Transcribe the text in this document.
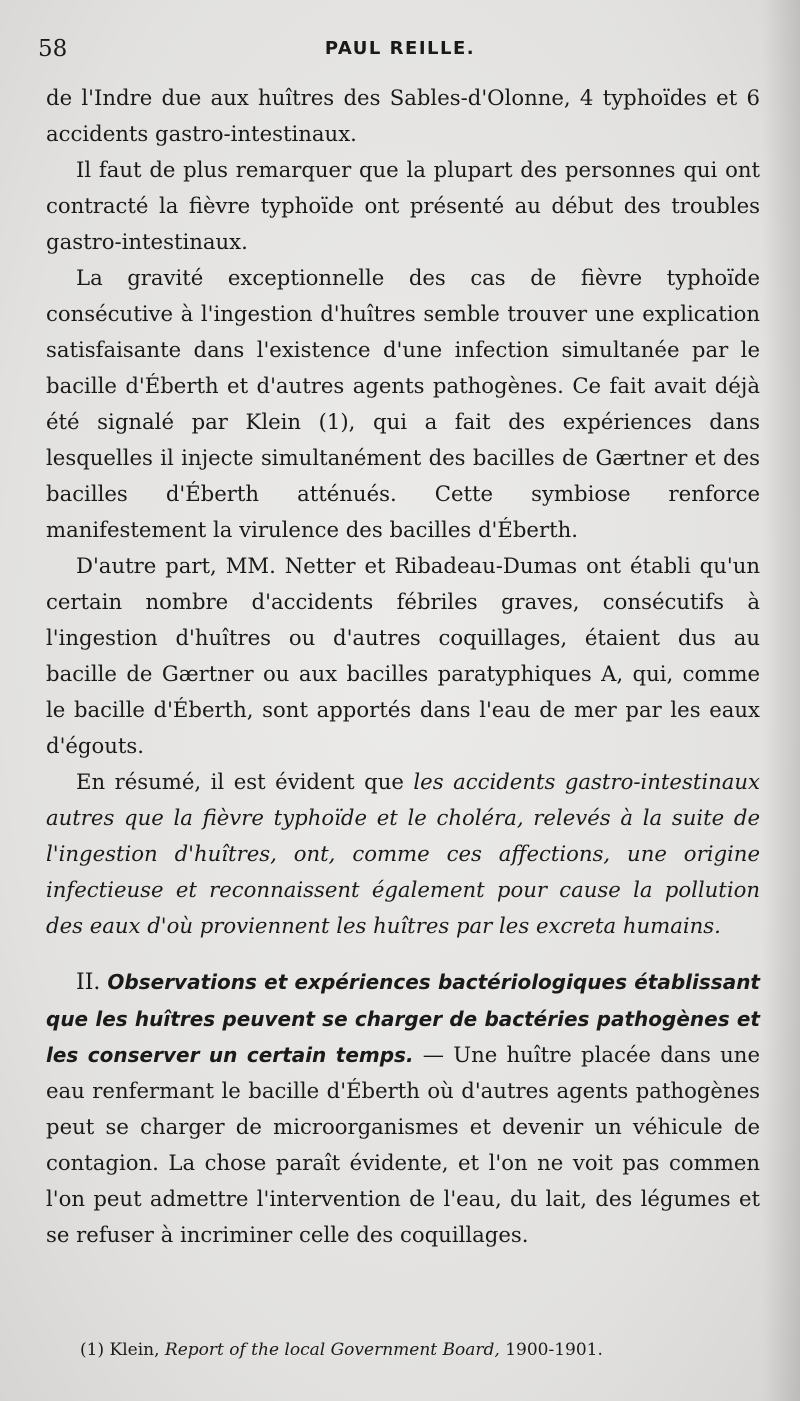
58	PAUL REILLE.

de l'Indre due aux huîtres des Sables-d'Olonne, 4 typhoïdes et 6 accidents gastro-intestinaux.

Il faut de plus remarquer que la plupart des personnes qui ont contracté la fièvre typhoïde ont présenté au début des troubles gastro-intestinaux.

La gravité exceptionnelle des cas de fièvre typhoïde consécutive à l'ingestion d'huîtres semble trouver une explication satisfaisante dans l'existence d'une infection simultanée par le bacille d'Éberth et d'autres agents pathogènes. Ce fait avait déjà été signalé par Klein (1), qui a fait des expériences dans lesquelles il injecte simultanément des bacilles de Gærtner et des bacilles d'Éberth atténués. Cette symbiose renforce manifestement la virulence des bacilles d'Éberth.

D'autre part, MM. Netter et Ribadeau-Dumas ont établi qu'un certain nombre d'accidents fébriles graves, consécutifs à l'ingestion d'huîtres ou d'autres coquillages, étaient dus au bacille de Gærtner ou aux bacilles paratyphiques A, qui, comme le bacille d'Éberth, sont apportés dans l'eau de mer par les eaux d'égouts.

En résumé, il est évident que les accidents gastro-intestinaux autres que la fièvre typhoïde et le choléra, relevés à la suite de l'ingestion d'huîtres, ont, comme ces affections, une origine infectieuse et reconnaissent également pour cause la pollution des eaux d'où proviennent les huîtres par les excreta humains.

II. Observations et expériences bactériologiques établissant que les huîtres peuvent se charger de bactéries pathogènes et les conserver un certain temps. — Une huître placée dans une eau renfermant le bacille d'Éberth où d'autres agents pathogènes peut se charger de microorganismes et devenir un véhicule de contagion. La chose paraît évidente, et l'on ne voit pas commen l'on peut admettre l'intervention de l'eau, du lait, des légumes et se refuser à incriminer celle des coquillages.

(1) Klein, Report of the local Government Board, 1900-1901.
